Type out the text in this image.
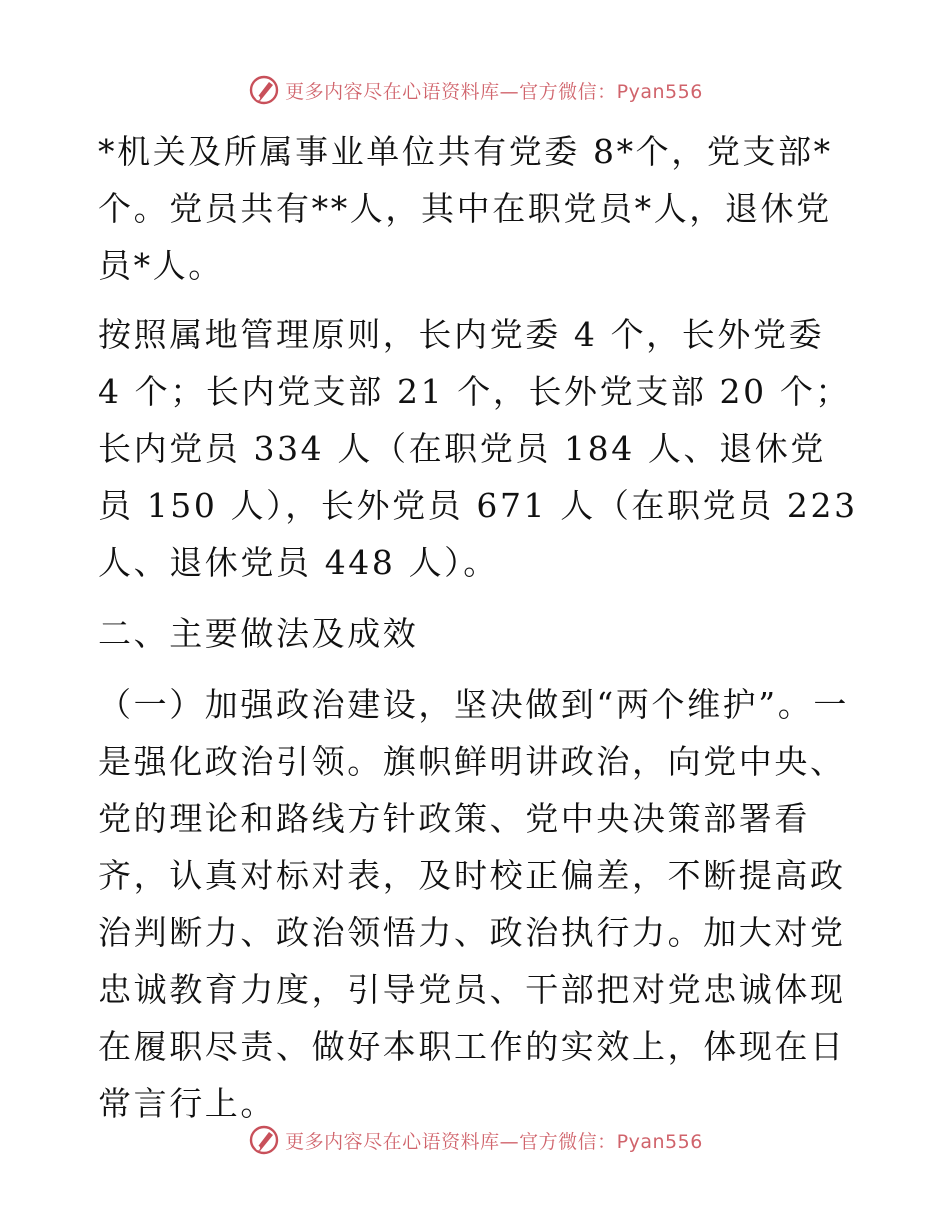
更多内容尽在心语资料库—官方微信：Pyan556

*机关及所属事业单位共有党委 8*个，党支部*个。党员共有**人，其中在职党员*人，退休党员*人。

按照属地管理原则，长内党委 4 个，长外党委 4 个；长内党支部 21 个，长外党支部 20 个；长内党员 334 人（在职党员 184 人、退休党员 150 人），长外党员 671 人（在职党员 223 人、退休党员 448 人）。

二、主要做法及成效

（一）加强政治建设，坚决做到“两个维护”。一是强化政治引领。旗帜鲜明讲政治，向党中央、党的理论和路线方针政策、党中央决策部署看齐，认真对标对表，及时校正偏差，不断提高政治判断力、政治领悟力、政治执行力。加大对党忠诚教育力度，引导党员、干部把对党忠诚体现在履职尽责、做好本职工作的实效上，体现在日常言行上。

更多内容尽在心语资料库—官方微信：Pyan556
